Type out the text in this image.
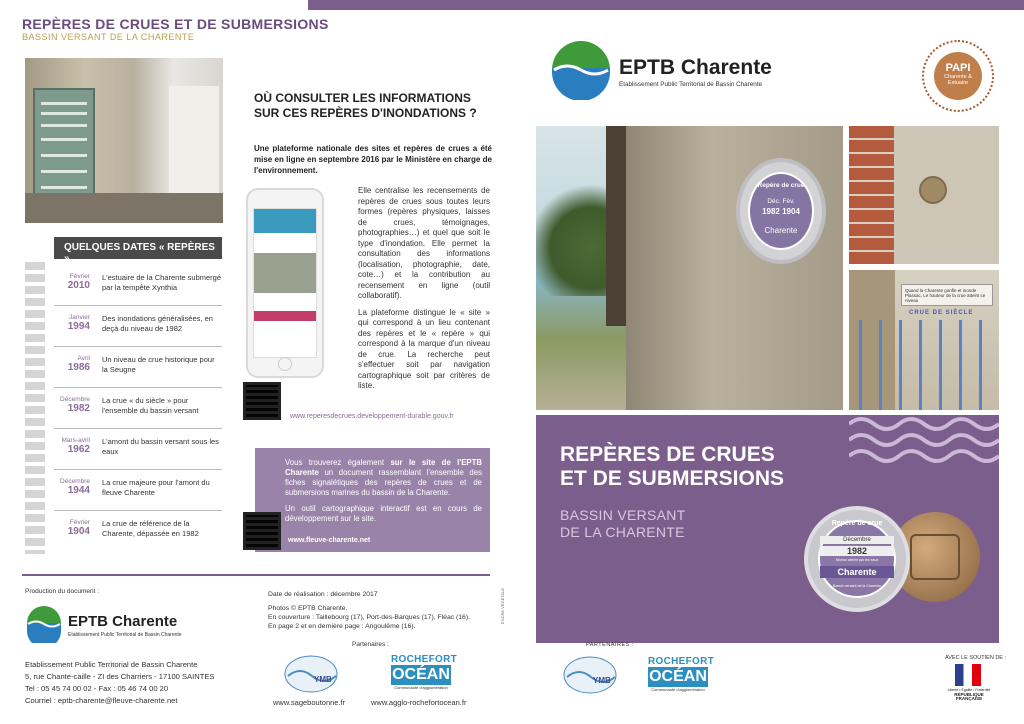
REPÈRES DE CRUES ET DE SUBMERSIONS
BASSIN VERSANT DE LA CHARENTE
QUELQUES DATES « REPÈRES »
Février
2010
L'estuaire de la Charente submergé par la tempête Xynthia
Janvier
1994
Des inondations généralisées, en deçà du niveau de 1982
Avril
1986
Un niveau de crue historique pour la Seugne
Décembre
1982
La crue « du siècle » pour l'ensemble du bassin versant
Mars-avril
1962
L'amont du bassin versant sous les eaux
Décembre
1944
La crue majeure pour l'amont du fleuve Charente
Février
1904
La crue de référence de la Charente, dépassée en 1982
OÙ CONSULTER LES INFORMATIONS SUR CES REPÈRES D'INONDATIONS ?
Une plateforme nationale des sites et repères de crues a été mise en ligne en septembre 2016 par le Ministère en charge de l'environnement.

Elle centralise les recensements de repères de crues sous toutes leurs formes (repères physiques, laisses de crues, témoignages, photographies…) et quel que soit le type d'inondation. Elle permet la consultation des informations (localisation, photographie, date, cote…) et la contribution au recensement en ligne (outil collaboratif).

La plateforme distingue le « site » qui correspond à un lieu contenant des repères et le « repère » qui correspond à la marque d'un niveau de crue. La recherche peut s'effectuer soit par navigation cartographique soit par critères de liste.

www.reperesdecrues.developpement-durable.gouv.fr

Vous trouverez également sur le site de l'EPTB Charente un document rassemblant l'ensemble des fiches signalétiques des repères de crues et de submersions marines du bassin de la Charente.

Un outil cartographique interactif est en cours de développement sur le site.

www.fleuve-charente.net
Production du document :
EPTB Charente
Etablissement Public Territorial de Bassin Charente
Etablissement Public Territorial de Bassin Charente
5, rue Chante-caille - ZI des Charriers - 17100 SAINTES
Tel : 05 45 74 00 02 - Fax : 05 46 74 00 20
Courriel : eptb-charente@fleuve-charente.net
Date de réalisation : décembre 2017
Photos © EPTB Charente.
En couverture : Taillebourg (17), Port-des-Barques (17), Fléac (16).
En page 2 et en dernière page : Angoulême (16).
ENCRE VÉGÉTALE
Partenaires :
YMB
ROCHEFORT
OCÉAN
Communauté d'agglomération
www.sageboutonne.fr	www.agglo-rochefortocean.fr
EPTB Charente
Etablissement Public Territorial de Bassin Charente
PAPI
Charente & Estuaire
Repère de crue
Déc. Fév.
1982 1904
Charente
Quand la Charente gonfle et inonde Plassac, Le hauteur de la crue atteint ce niveau
CRUE DE SIÈCLE
REPÈRES DE CRUES
ET DE SUBMERSIONS
BASSIN VERSANT
DE LA CHARENTE
Repère de crue
Décembre
1982
Niveau atteint par les eaux
Charente
Bassin versant de la Charente
PARTENAIRES :
YMB
ROCHEFORT
OCÉAN
Communauté d'agglomération
AVEC LE SOUTIEN DE :
Liberté • Égalité • Fraternité
RÉPUBLIQUE FRANÇAISE
